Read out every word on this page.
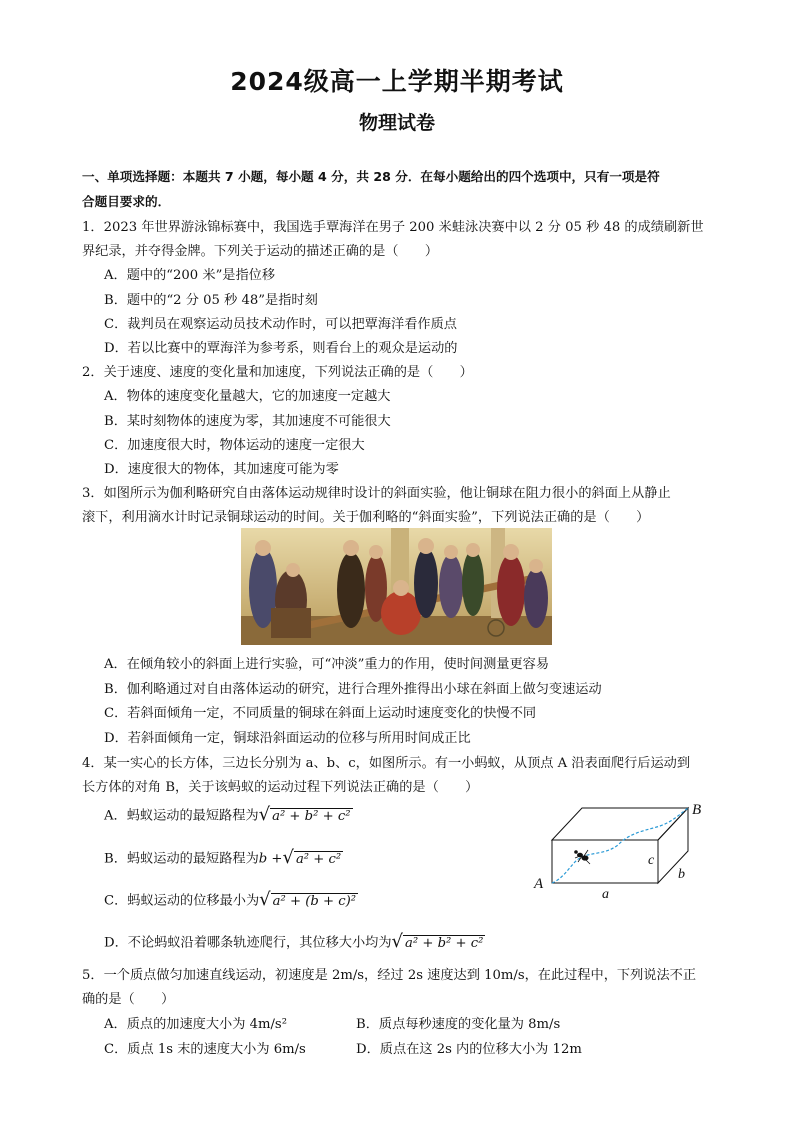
2024级高一上学期半期考试
物理试卷
一、单项选择题：本题共 7 小题，每小题 4 分，共 28 分．在每小题给出的四个选项中，只有一项是符
合题目要求的．
1．2023 年世界游泳锦标赛中，我国选手覃海洋在男子 200 米蛙泳决赛中以 2 分 05 秒 48 的成绩刷新世
界纪录，并夺得金牌。下列关于运动的描述正确的是（　　）
A．题中的“200 米”是指位移
B．题中的“2 分 05 秒 48”是指时刻
C．裁判员在观察运动员技术动作时，可以把覃海洋看作质点
D．若以比赛中的覃海洋为参考系，则看台上的观众是运动的
2．关于速度、速度的变化量和加速度，下列说法正确的是（　　）
A．物体的速度变化量越大，它的加速度一定越大
B．某时刻物体的速度为零，其加速度不可能很大
C．加速度很大时，物体运动的速度一定很大
D．速度很大的物体，其加速度可能为零
3．如图所示为伽利略研究自由落体运动规律时设计的斜面实验，他让铜球在阻力很小的斜面上从静止
滚下，利用滴水计时记录铜球运动的时间。关于伽利略的“斜面实验”，下列说法正确的是（　　）
A．在倾角较小的斜面上进行实验，可“冲淡”重力的作用，使时间测量更容易
B．伽利略通过对自由落体运动的研究，进行合理外推得出小球在斜面上做匀变速运动
C．若斜面倾角一定，不同质量的铜球在斜面上运动时速度变化的快慢不同
D．若斜面倾角一定，铜球沿斜面运动的位移与所用时间成正比
4．某一实心的长方体，三边长分别为 a、b、c，如图所示。有一小蚂蚁，从顶点 A 沿表面爬行后运动到
长方体的对角 B，关于该蚂蚁的运动过程下列说法正确的是（　　）
A．蚂蚁运动的最短路程为√ a² + b² + c²
B．蚂蚁运动的最短路程为b +√ a² + c²
C．蚂蚁运动的位移最小为√ a² + (b + c)²
D．不论蚂蚁沿着哪条轨迹爬行，其位移大小均为√ a² + b² + c²
A
B
a
b
c
5．一个质点做匀加速直线运动，初速度是 2m/s，经过 2s 速度达到 10m/s，在此过程中，下列说法不正
确的是（　　）
A．质点的加速度大小为 4m/s²	B．质点每秒速度的变化量为 8m/s
C．质点 1s 末的速度大小为 6m/s	D．质点在这 2s 内的位移大小为 12m
